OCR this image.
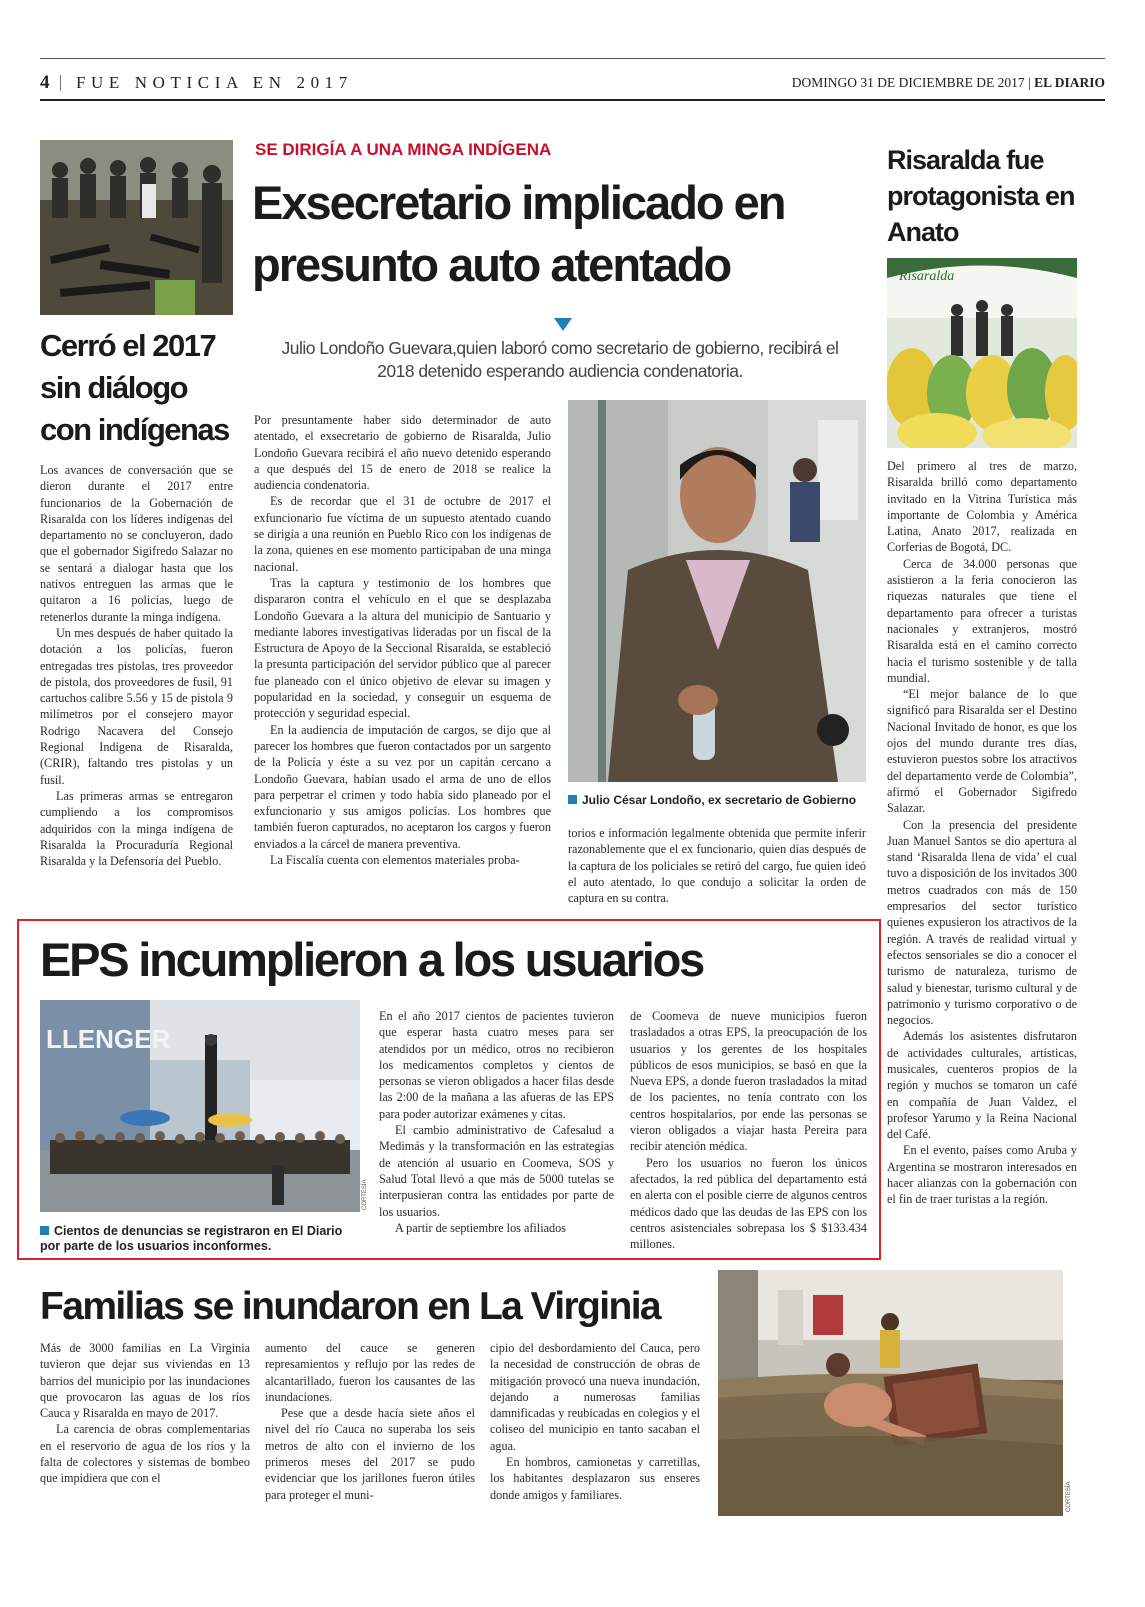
4 FUE NOTICIA EN 2017	DOMINGO 31 DE DICIEMBRE DE 2017 | EL DIARIO
Cerró el 2017 sin diálogo con indígenas

Los avances de conversación que se dieron durante el 2017 entre funcionarios de la Gobernación de Risaralda con los líderes indígenas del departamento no se concluyeron, dado que el gobernador Sigifredo Salazar no se sentará a dialogar hasta que los nativos entreguen las armas que le quitaron a 16 policías, luego de retenerlos durante la minga indígena.

Un mes después de haber quitado la dotación a los policías, fueron entregadas tres pistolas, tres proveedor de pistola, dos proveedores de fusil, 91 cartuchos calibre 5.56 y 15 de pistola 9 milímetros por el consejero mayor Rodrigo Nacavera del Consejo Regional Indígena de Risaralda, (CRIR), faltando tres pistolas y un fusil.

Las primeras armas se entregaron cumpliendo a los compromisos adquiridos con la minga indígena de Risaralda la Procuraduría Regional Risaralda y la Defensoría del Pueblo.

SE DIRIGÍA A UNA MINGA INDÍGENA
Exsecretario implicado en presunto auto atentado
Julio Londoño Guevara,quien laboró como secretario de gobierno, recibirá el 2018 detenido esperando audiencia condenatoria.

Por presuntamente haber sido determinador de auto atentado, el exsecretario de gobierno de Risaralda, Julio Londoño Guevara recibirá el año nuevo detenido esperando a que después del 15 de enero de 2018 se realice la audiencia condenatoria.

Es de recordar que el 31 de octubre de 2017 el exfuncionario fue víctima de un supuesto atentado cuando se dirigía a una reunión en Pueblo Rico con los indígenas de la zona, quienes en ese momento participaban de una minga nacional.

Tras la captura y testimonio de los hombres que dispararon contra el vehículo en el que se desplazaba Londoño Guevara a la altura del municipio de Santuario y mediante labores investigativas lideradas por un fiscal de la Estructura de Apoyo de la Seccional Risaralda, se estableció la presunta participación del servidor público que al parecer fue planeado con el único objetivo de elevar su imagen y popularidad en la sociedad, y conseguir un esquema de protección y seguridad especial.

En la audiencia de imputación de cargos, se dijo que al parecer los hombres que fueron contactados por un sargento de la Policía y éste a su vez por un capitán cercano a Londoño Guevara, habían usado el arma de uno de ellos para perpetrar el crimen y todo había sido planeado por el exfuncionario y sus amigos policías. Los hombres que también fueron capturados, no aceptaron los cargos y fueron enviados a la cárcel de manera preventiva.

La Fiscalía cuenta con elementos materiales proba-

Julio César Londoño, ex secretario de Gobierno

torios e información legalmente obtenida que permite inferir razonablemente que el ex funcionario, quien días después de la captura de los policiales se retiró del cargo, fue quien ideó el auto atentado, lo que condujo a solicitar la orden de captura en su contra.

Risaralda fue protagonista en Anato
Risaralda

Del primero al tres de marzo, Risaralda brilló como departamento invitado en la Vitrina Turística más importante de Colombia y América Latina, Anato 2017, realizada en Corferias de Bogotá, DC.

Cerca de 34.000 personas que asistieron a la feria conocieron las riquezas naturales que tiene el departamento para ofrecer a turistas nacionales y extranjeros, mostró Risaralda está en el camino correcto hacia el turismo sostenible y de talla mundial.

“El mejor balance de lo que significó para Risaralda ser el Destino Nacional Invitado de honor, es que los ojos del mundo durante tres días, estuvieron puestos sobre los atractivos del departamento verde de Colombia”, afirmó el Gobernador Sigifredo Salazar.

Con la presencia del presidente Juan Manuel Santos se dio apertura al stand ‘Risaralda llena de vida’ el cual tuvo a disposición de los invitados 300 metros cuadrados con más de 150 empresarios del sector turístico quienes expusieron los atractivos de la región. A través de realidad virtual y efectos sensoriales se dio a conocer el turismo de naturaleza, turismo de salud y bienestar, turismo cultural y de patrimonio y turismo corporativo o de negocios.

Además los asistentes disfrutaron de actividades culturales, artísticas, musicales, cuenteros propios de la región y muchos se tomaron un café en compañía de Juan Valdez, el profesor Yarumo y la Reina Nacional del Café.

En el evento, países como Aruba y Argentina se mostraron interesados en hacer alianzas con la gobernación con el fin de traer turistas a la región.

EPS incumplieron a los usuarios
LLENGER
CORTESÍA
Cientos de denuncias se registraron en El Diario por parte de los usuarios inconformes.

En el año 2017 cientos de pacientes tuvieron que esperar hasta cuatro meses para ser atendidos por un médico, otros no recibieron los medicamentos completos y cientos de personas se vieron obligados a hacer filas desde las 2:00 de la mañana a las afueras de las EPS para poder autorizar exámenes y citas.

El cambio administrativo de Cafesalud a Medimás y la transformación en las estrategias de atención al usuario en Coomeva, SOS y Salud Total llevó a que más de 5000 tutelas se interpusieran contra las entidades por parte de los usuarios.

A partir de septiembre los afiliados

de Coomeva de nueve municipios fueron trasladados a otras EPS, la preocupación de los usuarios y los gerentes de los hospitales públicos de esos municipios, se basó en que la Nueva EPS, a donde fueron trasladados la mitad de los pacientes, no tenía contrato con los centros hospitalarios, por ende las personas se vieron obligados a viajar hasta Pereira para recibir atención médica.

Pero los usuarios no fueron los únicos afectados, la red pública del departamento está en alerta con el posible cierre de algunos centros médicos dado que las deudas de las EPS con los centros asistenciales sobrepasa los $ $133.434 millones.

Familias se inundaron en La Virginia

Más de 3000 familias en La Virginia tuvieron que dejar sus viviendas en 13 barrios del municipio por las inundaciones que provocaron las aguas de los ríos Cauca y Risaralda en mayo de 2017.

La carencia de obras complementarias en el reservorio de agua de los ríos y la falta de colectores y sistemas de bombeo que impidiera que con el

aumento del cauce se generen represamientos y reflujo por las redes de alcantarillado, fueron los causantes de las inundaciones.

Pese que a desde hacía siete años el nivel del río Cauca no superaba los seis metros de alto con el invierno de los primeros meses del 2017 se pudo evidenciar que los jarillones fueron útiles para proteger el muni-

cipio del desbordamiento del Cauca, pero la necesidad de construcción de obras de mitigación provocó una nueva inundación, dejando a numerosas familias damnificadas y reubicadas en colegios y el coliseo del municipio en tanto sacaban el agua.

En hombros, camionetas y carretillas, los habitantes desplazaron sus enseres donde amigos y familiares.	CORTESÍA
